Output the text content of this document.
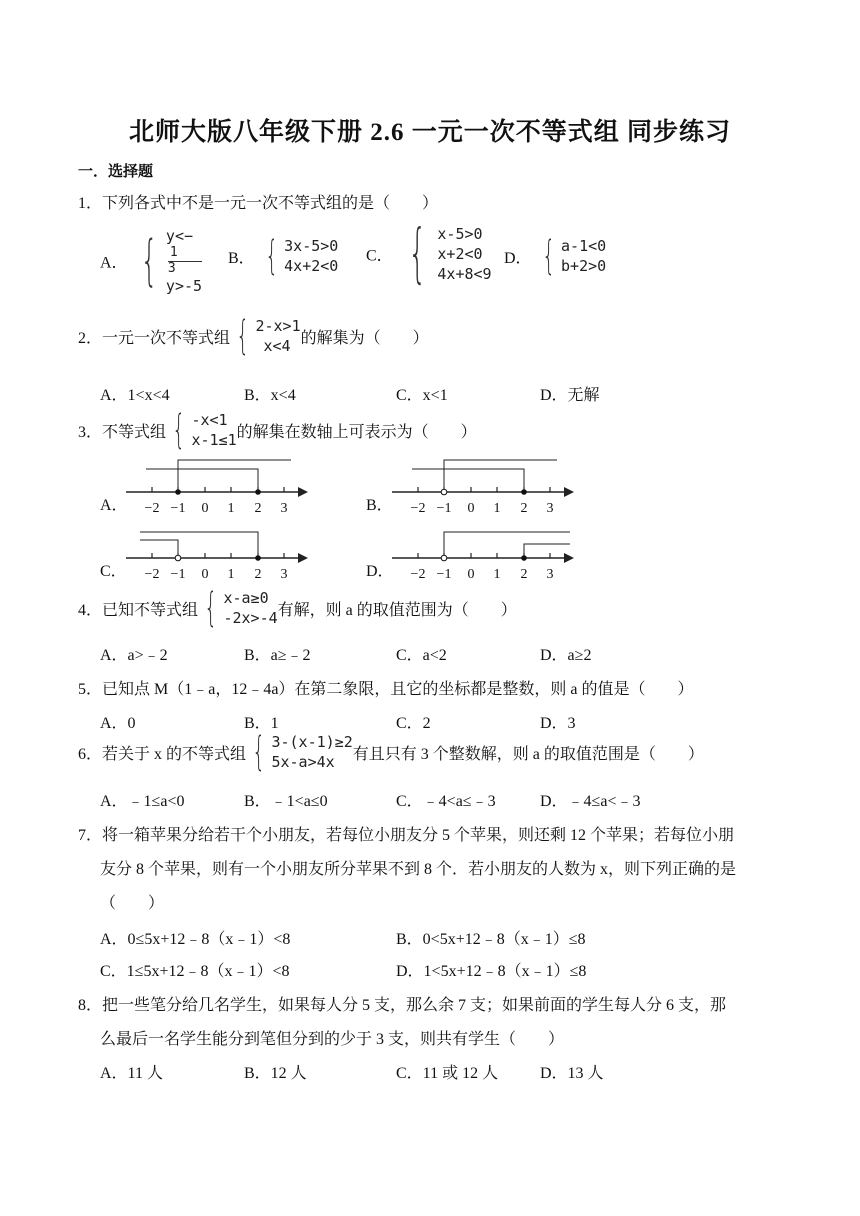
北师大版八年级下册 2.6 一元一次不等式组 同步练习
一．选择题
1．下列各式中不是一元一次不等式组的是（　　）
A． { y<−
1
3
y>-5
B． { 3x-5>0
4x+2<0
C． { x-5>0
x+2<0
4x+8<9
D． { a-1<0
b+2>0
2．一元一次不等式组 { 2-x>1
x<4 的解集为（　　）
A．1<x<4	B．x<4	C．x<1	D．无解
3．不等式组 { -x<1
x-1≤1 的解集在数轴上可表示为（　　）
A．	B．
C．	D．
−2 −1 0 1 2 3	−2 −1 0 1 2 3
−2 −1 0 1 2 3	−2 −1 0 1 2 3
4．已知不等式组 { x-a≥0
-2x>-4 有解，则 a 的取值范围为（　　）
A．a>﹣2	B．a≥﹣2	C．a<2	D．a≥2
5．已知点 M（1﹣a，12﹣4a）在第二象限，且它的坐标都是整数，则 a 的值是（　　）
A．0	B．1	C．2	D．3
6．若关于 x 的不等式组 { 3-(x-1)≥2
5x-a>4x	有且只有 3 个整数解，则 a 的取值范围是（　　）
A．﹣1≤a<0	B．﹣1<a≤0	C．﹣4<a≤﹣3	D．﹣4≤a<﹣3
7．将一箱苹果分给若干个小朋友，若每位小朋友分 5 个苹果，则还剩 12 个苹果；若每位小朋
友分 8 个苹果，则有一个小朋友所分苹果不到 8 个．若小朋友的人数为 x，则下列正确的是
（　　）
A．0≤5x+12﹣8（x﹣1）<8	B．0<5x+12﹣8（x﹣1）≤8
C．1≤5x+12﹣8（x﹣1）<8	D．1<5x+12﹣8（x﹣1）≤8
8．把一些笔分给几名学生，如果每人分 5 支，那么余 7 支；如果前面的学生每人分 6 支，那
么最后一名学生能分到笔但分到的少于 3 支，则共有学生（　　）
A．11 人	B．12 人	C．11 或 12 人	D．13 人
